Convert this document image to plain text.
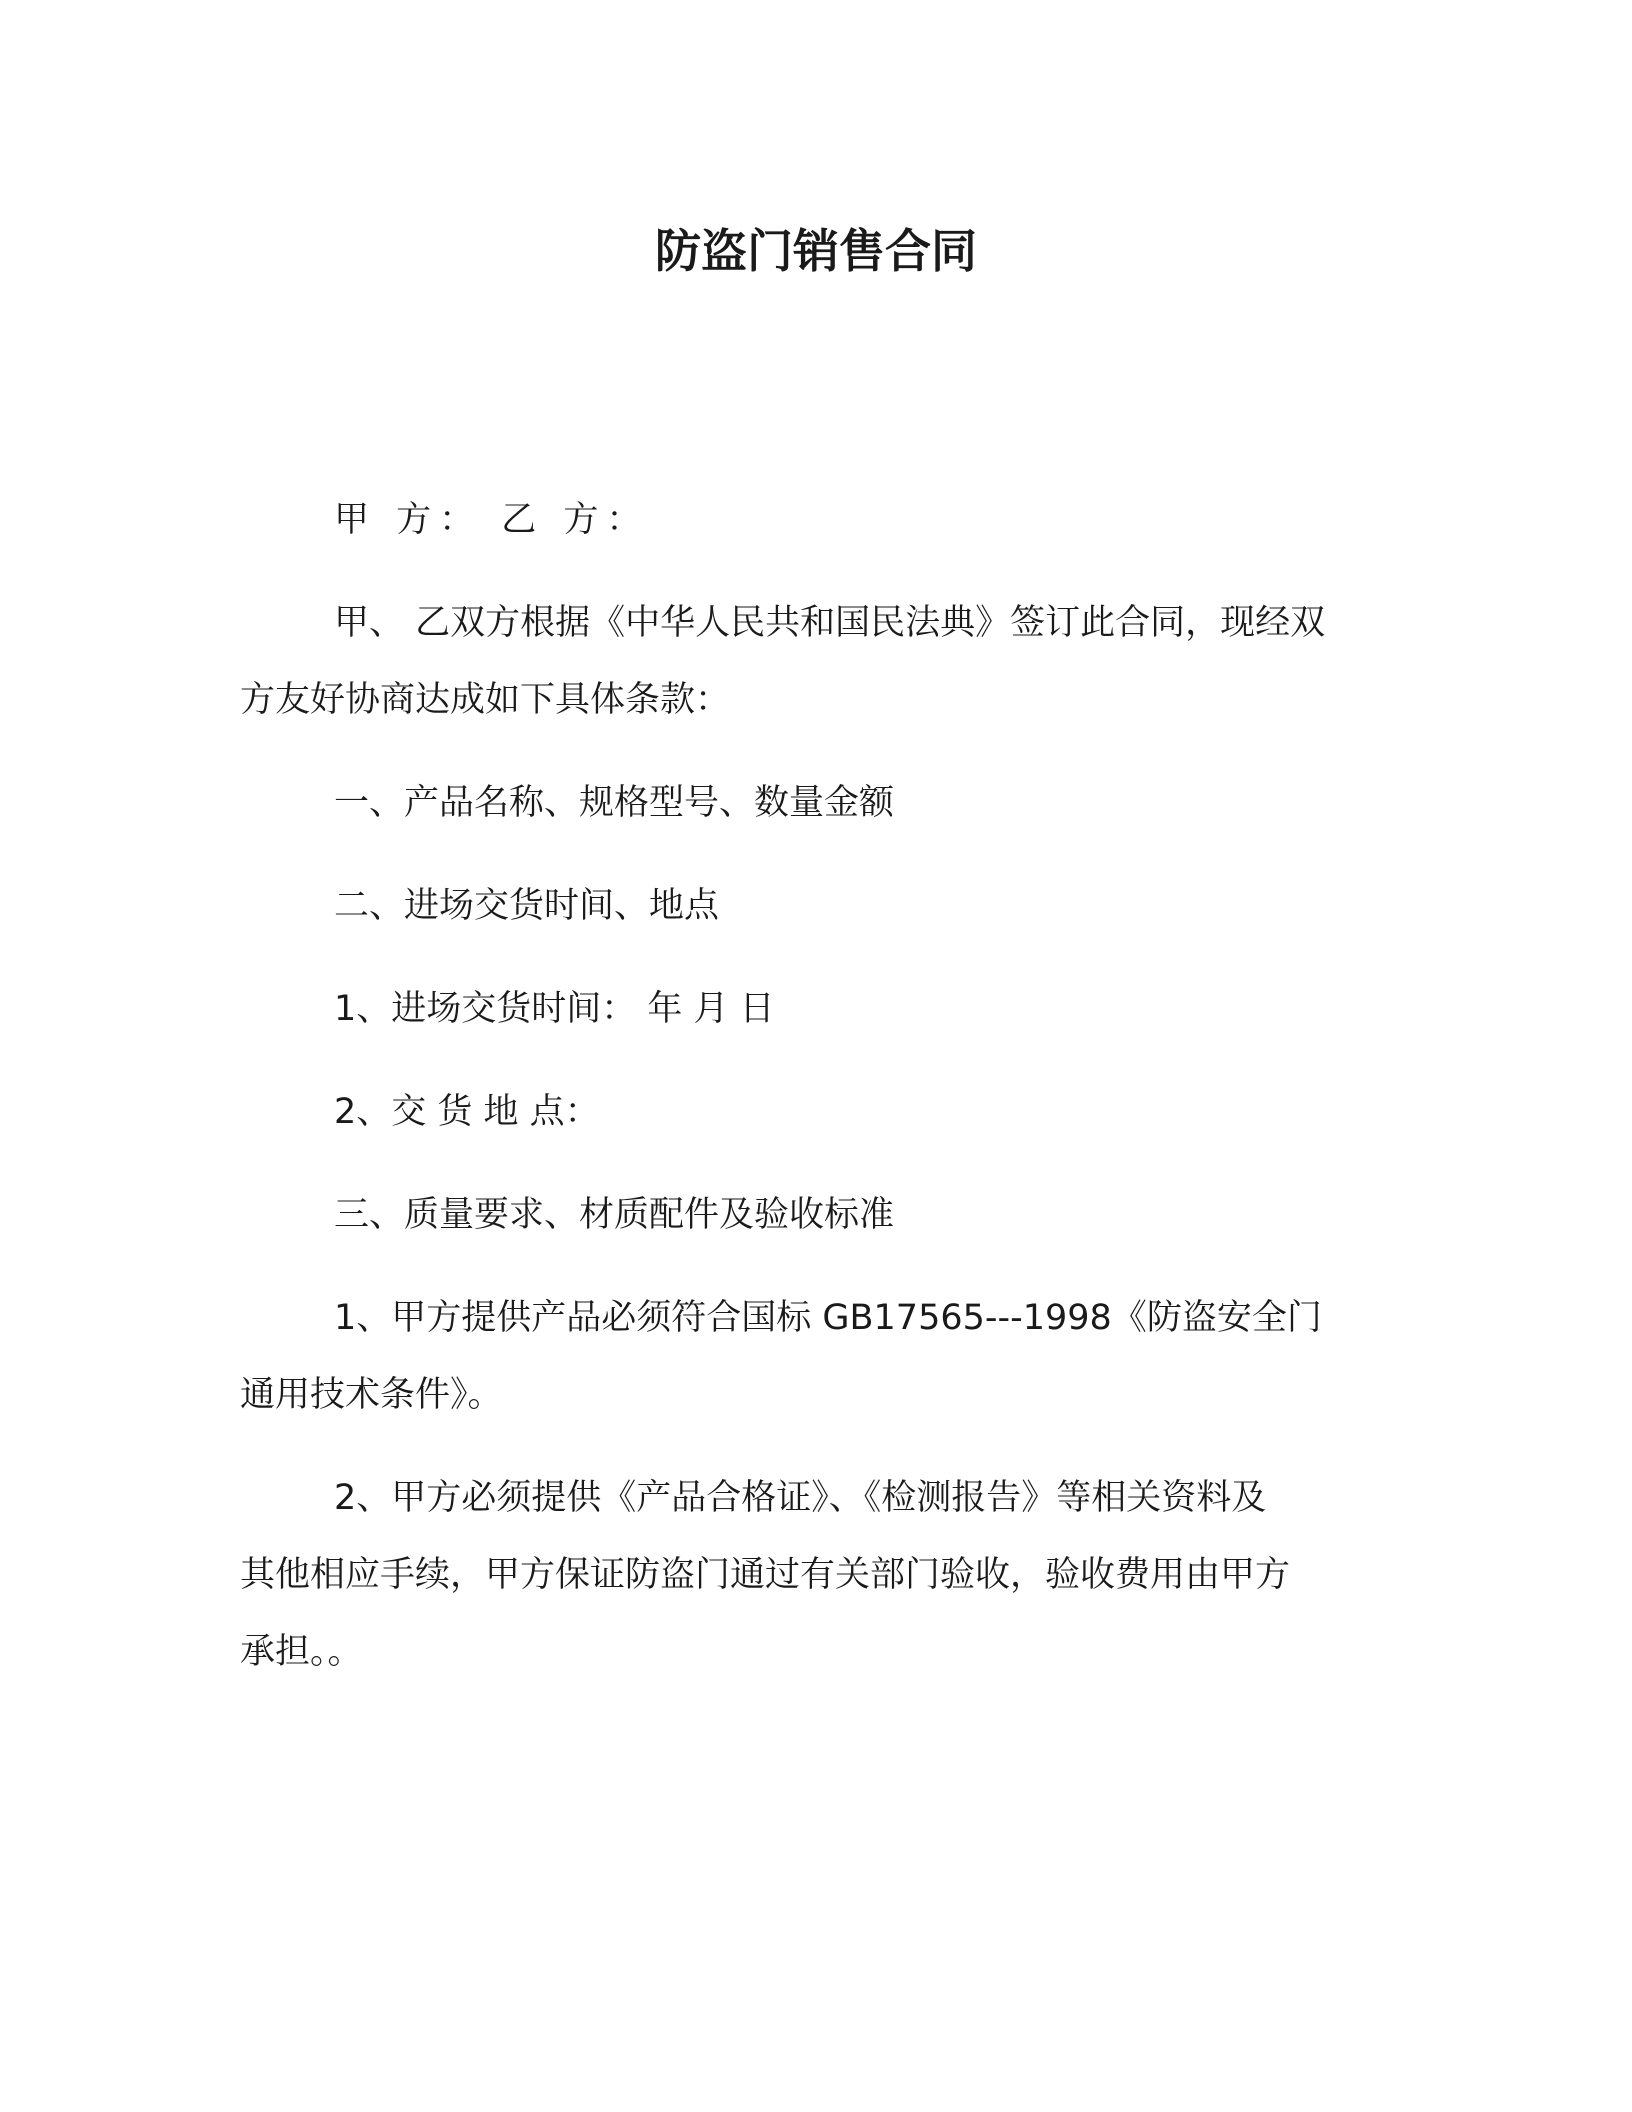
防盗门销售合同
甲 方： 乙 方：
甲、 乙双方根据《中华人民共和国民法典》签订此合同，现经双
方友好协商达成如下具体条款：
一、产品名称、规格型号、数量金额
二、进场交货时间、地点
1、进场交货时间： 年 月 日
2、交 货 地 点：
三、质量要求、材质配件及验收标准
1、甲方提供产品必须符合国标 GB17565---1998《防盗安全门
通用技术条件》。
2、甲方必须提供《产品合格证》、《检测报告》等相关资料及
其他相应手续，甲方保证防盗门通过有关部门验收，验收费用由甲方
承担。。
